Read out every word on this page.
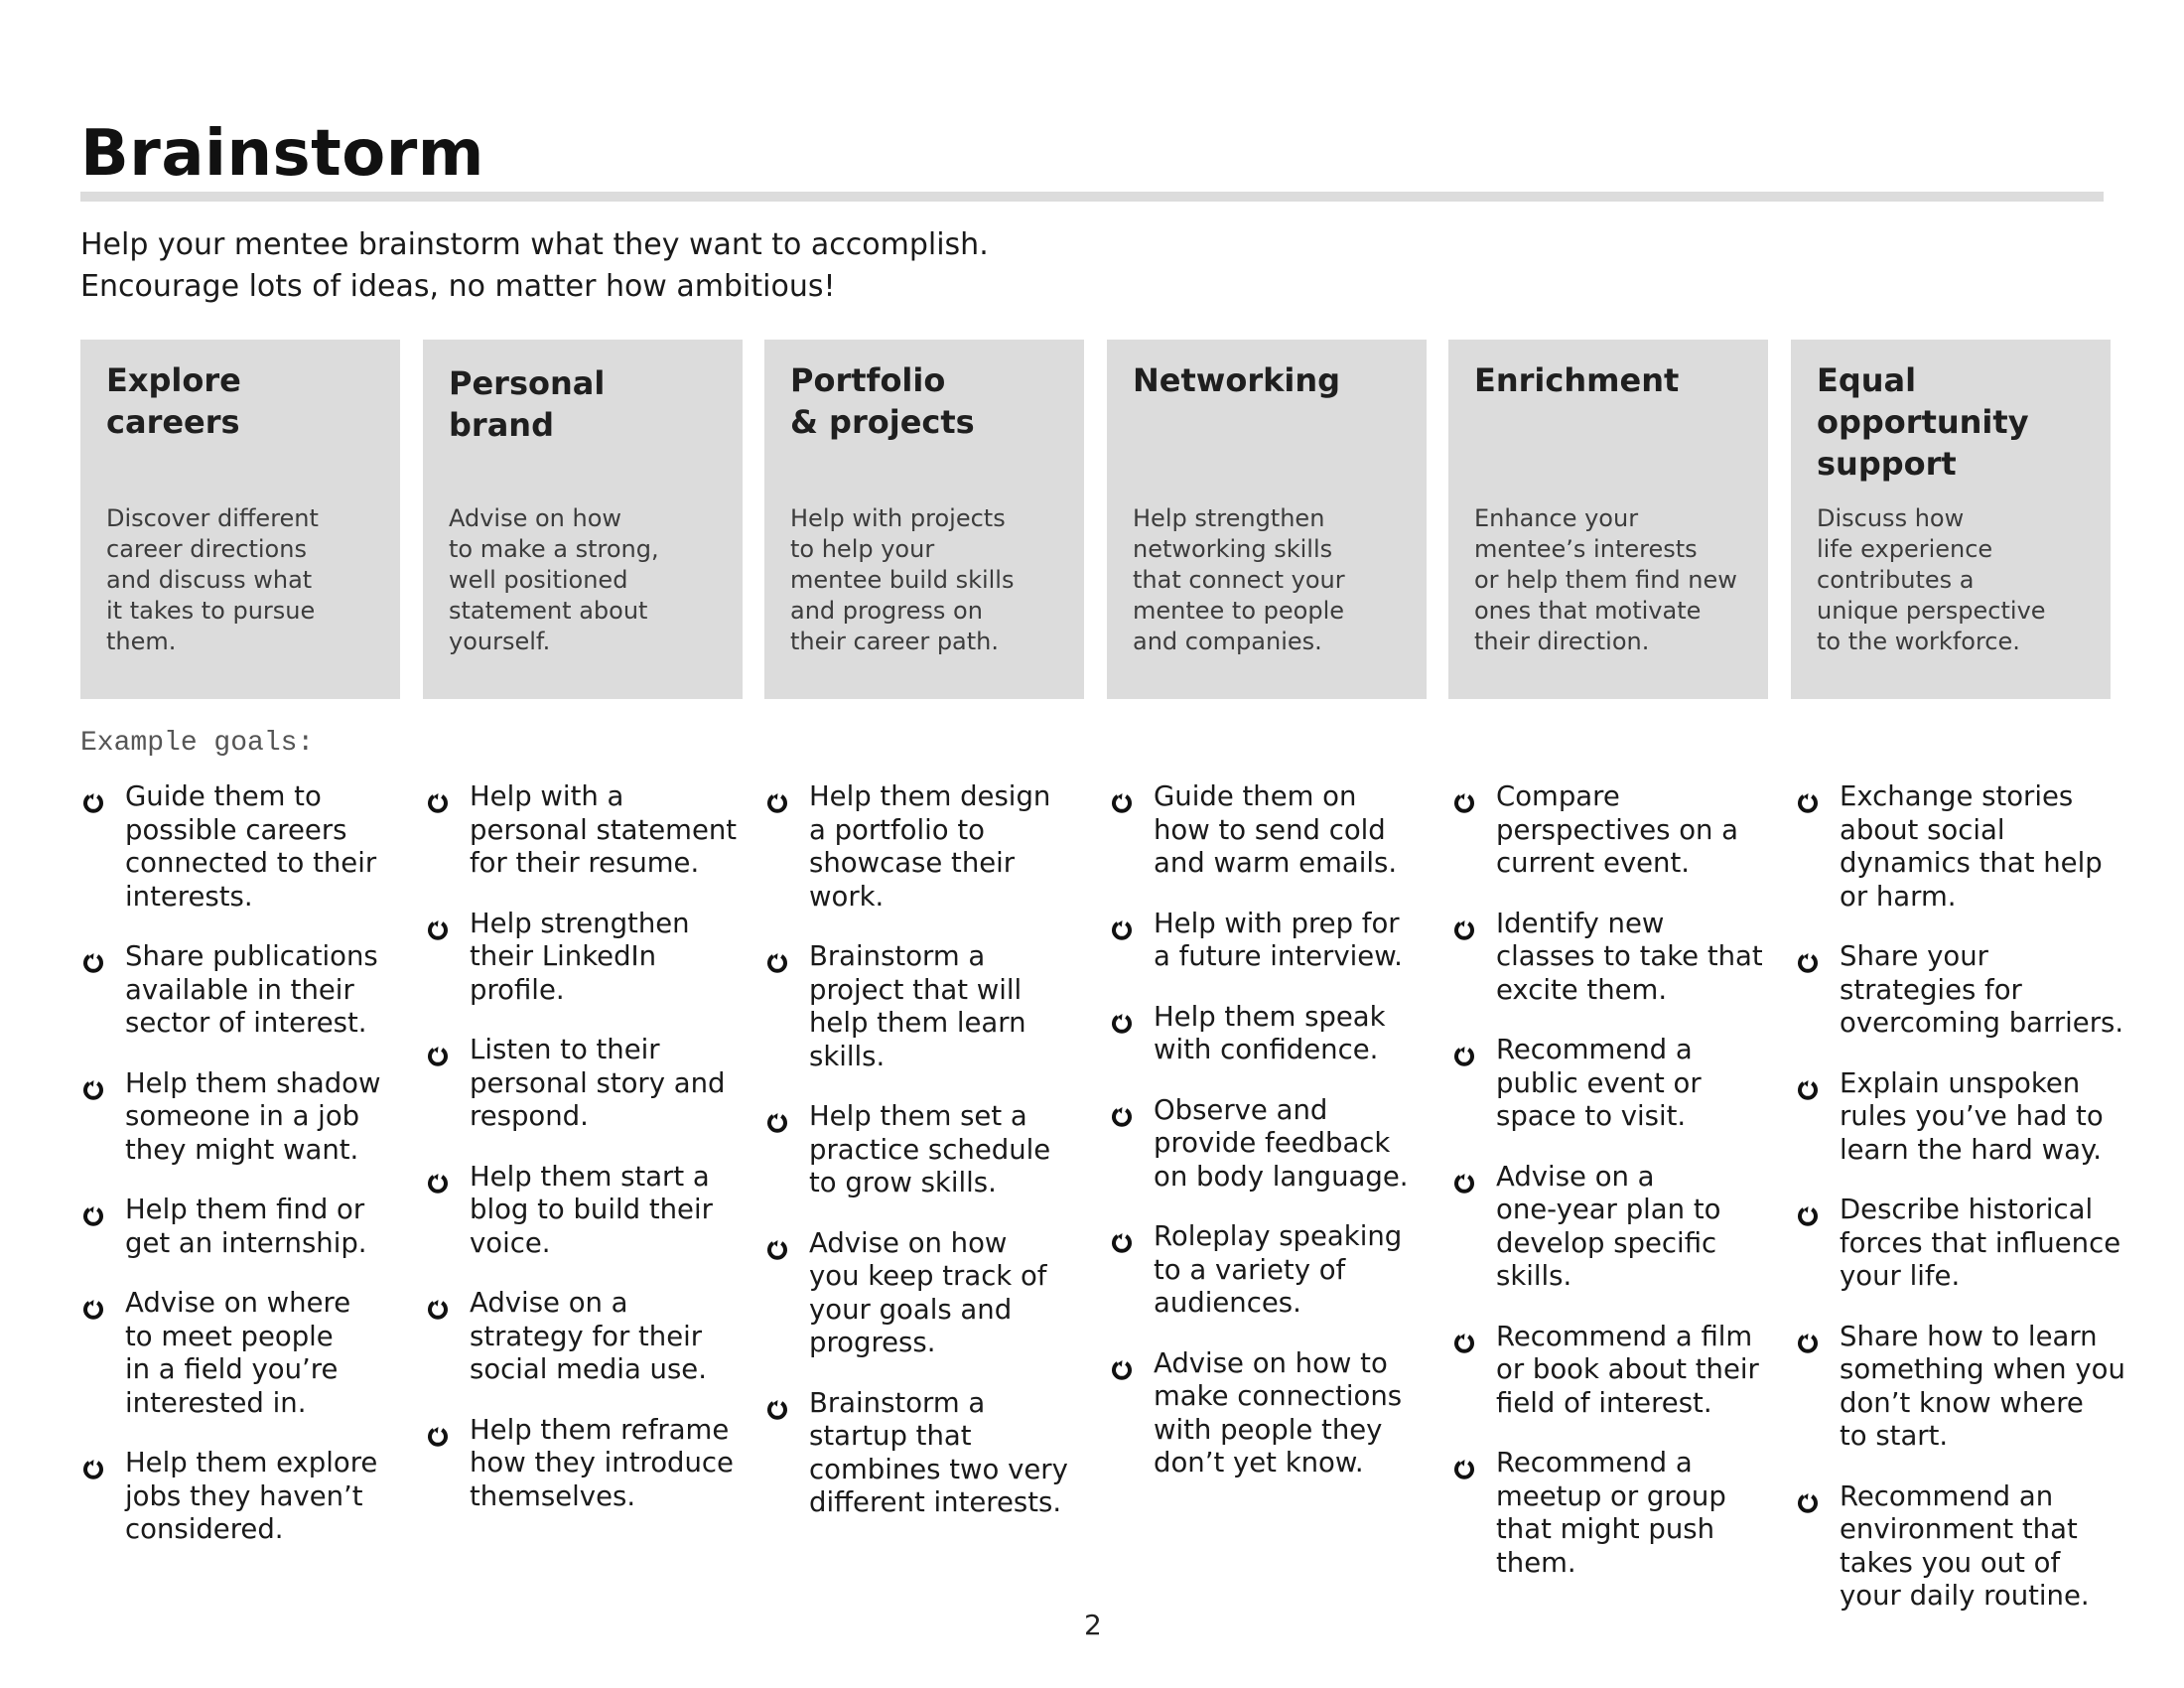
Brainstorm
Help your mentee brainstorm what they want to accomplish.
Encourage lots of ideas, no matter how ambitious!
Explore
careers
Discover different
career directions
and discuss what
it takes to pursue
them.
Personal
brand
Advise on how
to make a strong,
well positioned
statement about
yourself.
Portfolio
& projects
Help with projects
to help your
mentee build skills
and progress on
their career path.
Networking
Help strengthen
networking skills
that connect your
mentee to people
and companies.
Enrichment
Enhance your
mentee’s interests
or help them find new
ones that motivate
their direction.
Equal
opportunity
support
Discuss how
life experience
contributes a
unique perspective
to the workforce.
Example goals:
Guide them to
possible careers
connected to their
interests.
Share publications
available in their
sector of interest.
Help them shadow
someone in a job
they might want.
Help them find or
get an internship.
Advise on where
to meet people
in a field you’re
interested in.
Help them explore
jobs they haven’t
considered.
Help with a
personal statement
for their resume.
Help strengthen
their LinkedIn
profile.
Listen to their
personal story and
respond.
Help them start a
blog to build their
voice.
Advise on a
strategy for their
social media use.
Help them reframe
how they introduce
themselves.
Help them design
a portfolio to
showcase their
work.
Brainstorm a
project that will
help them learn
skills.
Help them set a
practice schedule
to grow skills.
Advise on how
you keep track of
your goals and
progress.
Brainstorm a
startup that
combines two very
different interests.
Guide them on
how to send cold
and warm emails.
Help with prep for
a future interview.
Help them speak
with confidence.
Observe and
provide feedback
on body language.
Roleplay speaking
to a variety of
audiences.
Advise on how to
make connections
with people they
don’t yet know.
Compare
perspectives on a
current event.
Identify new
classes to take that
excite them.
Recommend a
public event or
space to visit.
Advise on a
one-year plan to
develop specific
skills.
Recommend a film
or book about their
field of interest.
Recommend a
meetup or group
that might push
them.
Exchange stories
about social
dynamics that help
or harm.
Share your
strategies for
overcoming barriers.
Explain unspoken
rules you’ve had to
learn the hard way.
Describe historical
forces that influence
your life.
Share how to learn
something when you
don’t know where
to start.
Recommend an
environment that
takes you out of
your daily routine.
2
